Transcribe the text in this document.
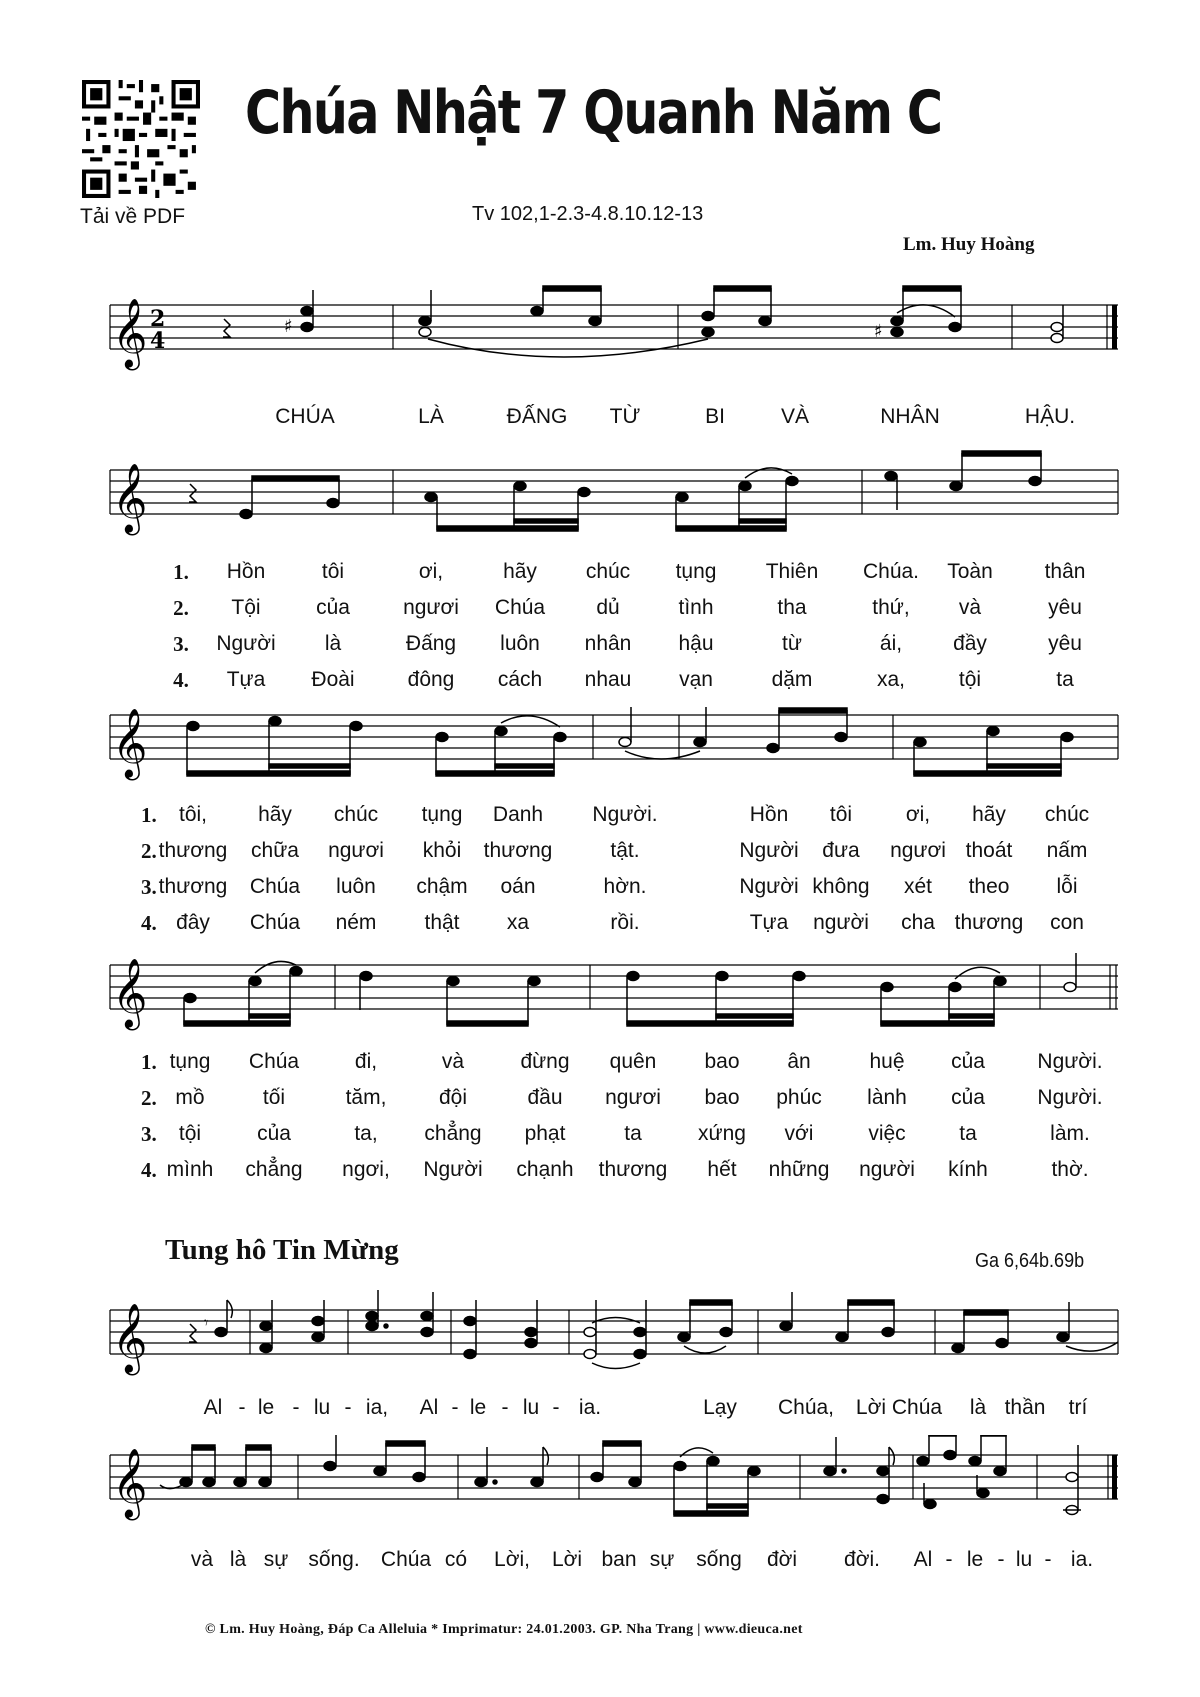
Chúa Nhật 7 Quanh Năm C
Tải về PDF	Tv 102,1-2.3-4.8.10.12-13
Lm. Huy Hoàng
𝄞 2
4
♯	♯
CHÚA	LÀ	ĐẤNG TỪ	BI	VÀ	NHÂN	HẬU.
𝄞
1. Hồn	tôi	ơi,	hãy chúc tụng Thiên Chúa. Toàn thân
2. Tội	của	ngươi Chúa dủ	tình	tha	thứ, và	yêu
3. Người là	Đấng luôn nhân hậu	từ	ái, đầy	yêu
4. Tựa Đoài	đông cách nhau vạn	dặm	xa,	tội	ta
𝄞
1. tôi, hãy chúc tụng Danh Người.	Hồn tôi	ơi, hãy chúc
2. thương chữa ngươi khỏi thương	tật.	Người đưa ngươi thoát nấm
3. thương Chúa luôn chậm oán	hờn.	Người không xét theo lỗi
4. đây Chúa ném thật xa	rồi.	Tựa người cha thương con
𝄞
1. tụng Chúa	đi,	và	đừng quên bao ân	huệ của Người.
2. mồ	tối	tăm,	đội	đầu ngươi bao phúc lành của Người.
3. tội	của	ta, chẳng phạt	ta	xứng với	việc	ta	làm.
4. mình chẳng ngơi, Người chạnh thương hết những người kính	thờ.
Tung hô Tin Mừng	Ga 6,64b.69b
𝄞	𝄾
Al - le - lu - ia, Al - le - lu - ia.	Lạy Chúa, Lời Chúa là thần trí
𝄞
và là sự sống. Chúa có Lời, Lời ban sự sống đời đời. Al - le - lu - ia.
© Lm. Huy Hoàng, Đáp Ca Alleluia * Imprimatur: 24.01.2003. GP. Nha Trang | www.dieuca.net
